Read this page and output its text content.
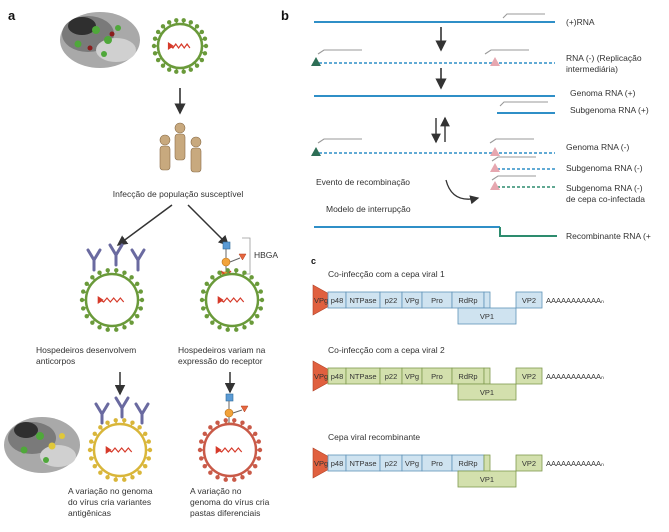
a
Infecção de população susceptível
HBGA
Hospedeiros desenvolvem
anticorpos
Hospedeiros variam na
expressão do receptor
A variação no genoma
do vírus cria variantes
antigênicas
A variação no
genoma do vírus cria
pastas diferenciais
b	(+)RNA
RNA (-) (Replicação
intermediária)
Genoma RNA (+)
Subgenoma RNA (+)
Genoma RNA (-)
Subgenoma RNA (-)
Evento de recombinação
Subgenoma RNA (-)
de cepa co-infectada
Modelo de interrupção
Recombinante RNA (+
c
Co-infecção com a cepa viral 1
VPg p48 NTPase p22 VPg Pro RdRp
VP1
VP2 AAAAAAAAAAAₙ
Co-infecção com a cepa viral 2
VPg p48 NTPase p22 VPg Pro RdRp
VP1
VP2 AAAAAAAAAAAₙ
Cepa viral recombinante
VPg p48 NTPase p22 VPg Pro RdRp
VP1
VP2 AAAAAAAAAAAₙ
